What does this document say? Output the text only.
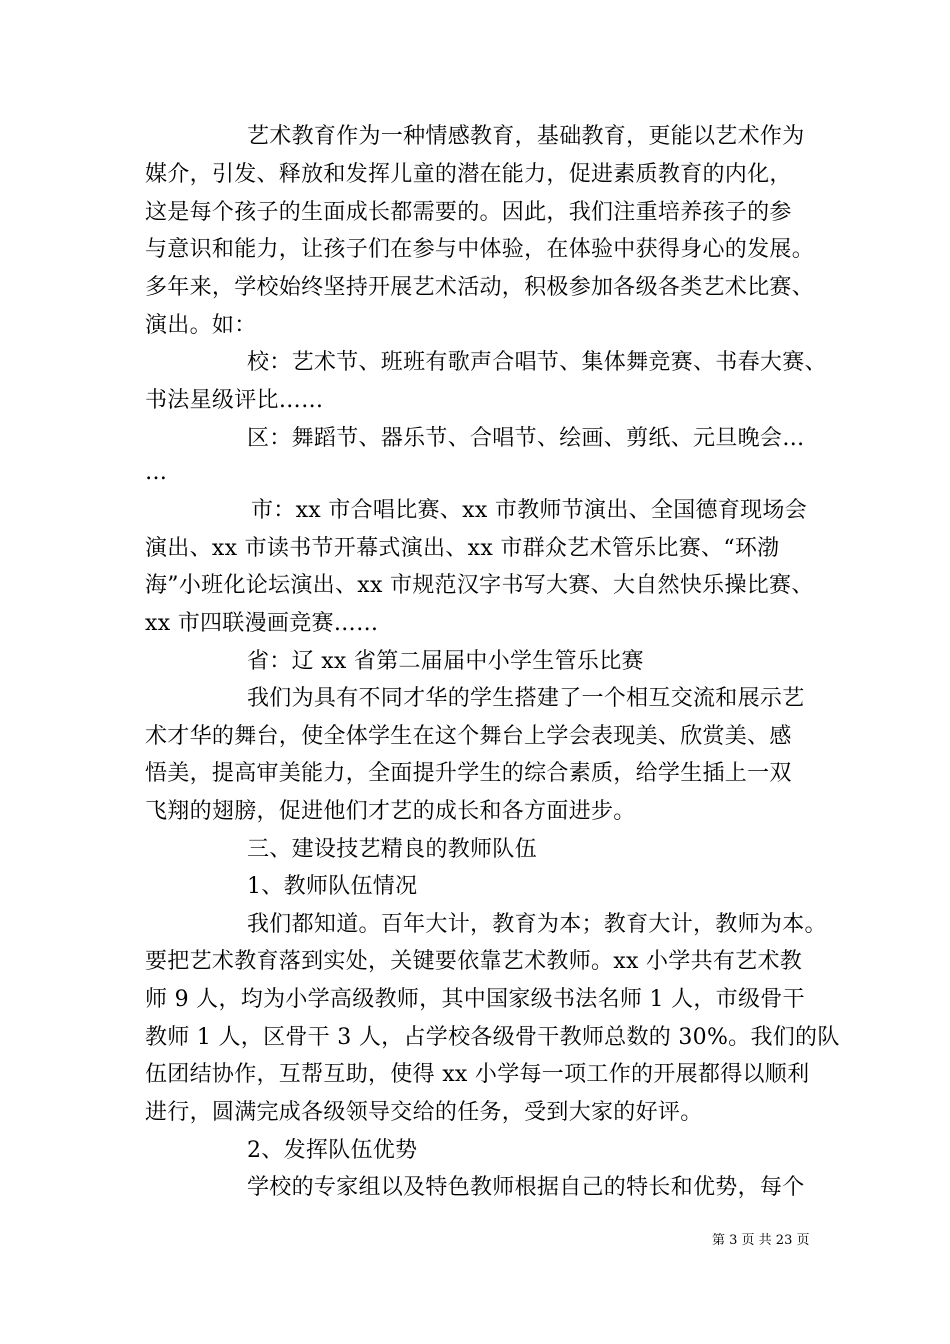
艺术教育作为一种情感教育，基础教育，更能以艺术作为
媒介，引发、释放和发挥儿童的潜在能力，促进素质教育的内化，
这是每个孩子的生面成长都需要的。因此，我们注重培养孩子的参
与意识和能力，让孩子们在参与中体验，在体验中获得身心的发展。
多年来，学校始终坚持开展艺术活动，积极参加各级各类艺术比赛、
演出。如：
校：艺术节、班班有歌声合唱节、集体舞竞赛、书春大赛、
书法星级评比……
区：舞蹈节、器乐节、合唱节、绘画、剪纸、元旦晚会…
…
市：xx 市合唱比赛、xx 市教师节演出、全国德育现场会
演出、xx 市读书节开幕式演出、xx 市群众艺术管乐比赛、“环渤
海”小班化论坛演出、xx 市规范汉字书写大赛、大自然快乐操比赛、
xx 市四联漫画竞赛……
省：辽 xx 省第二届届中小学生管乐比赛
我们为具有不同才华的学生搭建了一个相互交流和展示艺
术才华的舞台，使全体学生在这个舞台上学会表现美、欣赏美、感
悟美，提高审美能力，全面提升学生的综合素质，给学生插上一双
飞翔的翅膀，促进他们才艺的成长和各方面进步。
三、建设技艺精良的教师队伍
1、教师队伍情况
我们都知道。百年大计，教育为本；教育大计，教师为本。
要把艺术教育落到实处，关键要依靠艺术教师。xx 小学共有艺术教
师 9 人，均为小学高级教师，其中国家级书法名师 1 人，市级骨干
教师 1 人，区骨干 3 人，占学校各级骨干教师总数的 30%。我们的队
伍团结协作，互帮互助，使得 xx 小学每一项工作的开展都得以顺利
进行，圆满完成各级领导交给的任务，受到大家的好评。
2、发挥队伍优势
学校的专家组以及特色教师根据自己的特长和优势，每个
第 3 页 共 23 页
